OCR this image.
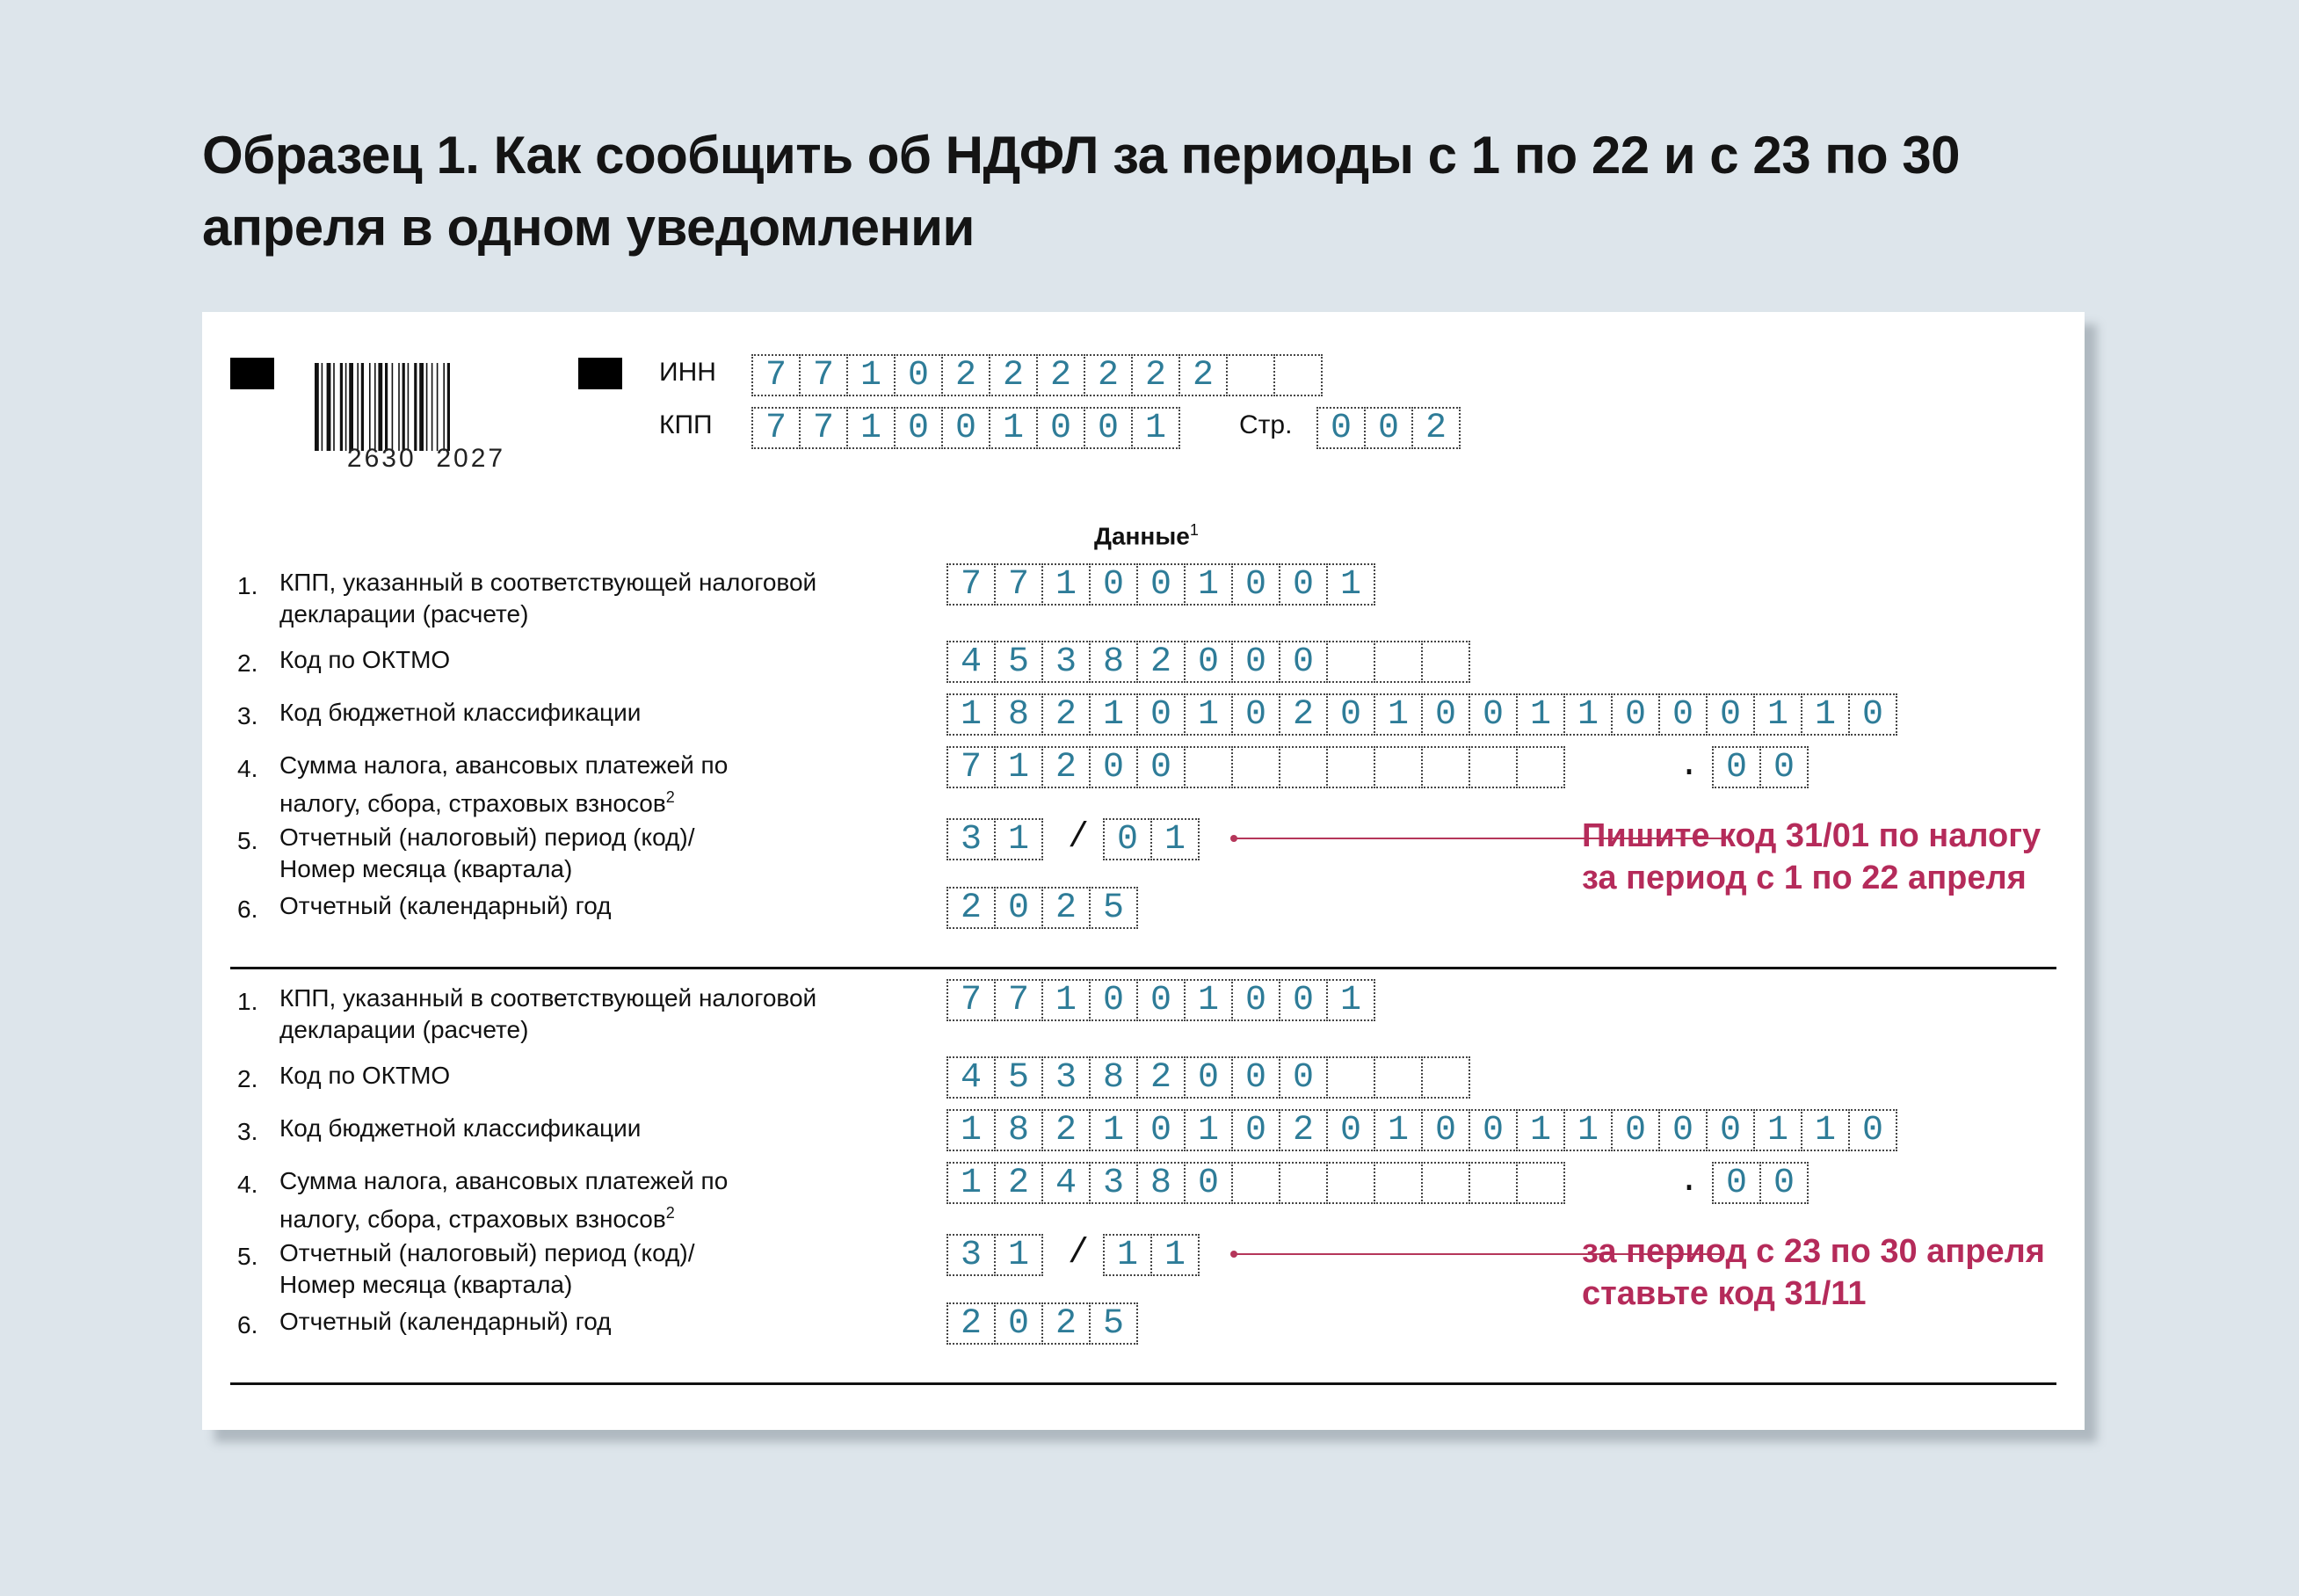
Образец 1. Как сообщить об НДФЛ за периоды с 1 по 22 и с 23 по 30 апреля в одном уведомлении
2630  2027
ИНН	7 7 1 0 2 2 2 2 2 2
КПП	7 7 1 0 0 1 0 0 1	Стр.	0 0 2
Данные$^1$
1. КПП, указанный в соответствующей налоговой
декларации (расчете)
7 7 1 0 0 1 0 0 1
2. Код по ОКТМО	4 5 3 8 2 0 0 0
3. Код бюджетной классификации	1 8 2 1 0 1 0 2 0 1 0 0 1 1 0 0 0 1 1 0
4. Сумма налога, авансовых платежей по
налогу, сбора, страховых взносов$^2$
7 1 2 0 0	. 0 0
5. Отчетный (налоговый) период (код)/
Номер месяца (квартала)
3 1	/ 0 1	Пишите код 31/01 по налогу
за период с 1 по 22 апреля
6. Отчетный (календарный) год	2 0 2 5
1. КПП, указанный в соответствующей налоговой
декларации (расчете)
7 7 1 0 0 1 0 0 1
2. Код по ОКТМО	4 5 3 8 2 0 0 0
3. Код бюджетной классификации	1 8 2 1 0 1 0 2 0 1 0 0 1 1 0 0 0 1 1 0
4. Сумма налога, авансовых платежей по
налогу, сбора, страховых взносов$^2$
1 2 4 3 8 0	. 0 0
5. Отчетный (налоговый) период (код)/
Номер месяца (квартала)
3 1	/ 1 1	за период с 23 по 30 апреля
ставьте код 31/11
6. Отчетный (календарный) год	2 0 2 5
